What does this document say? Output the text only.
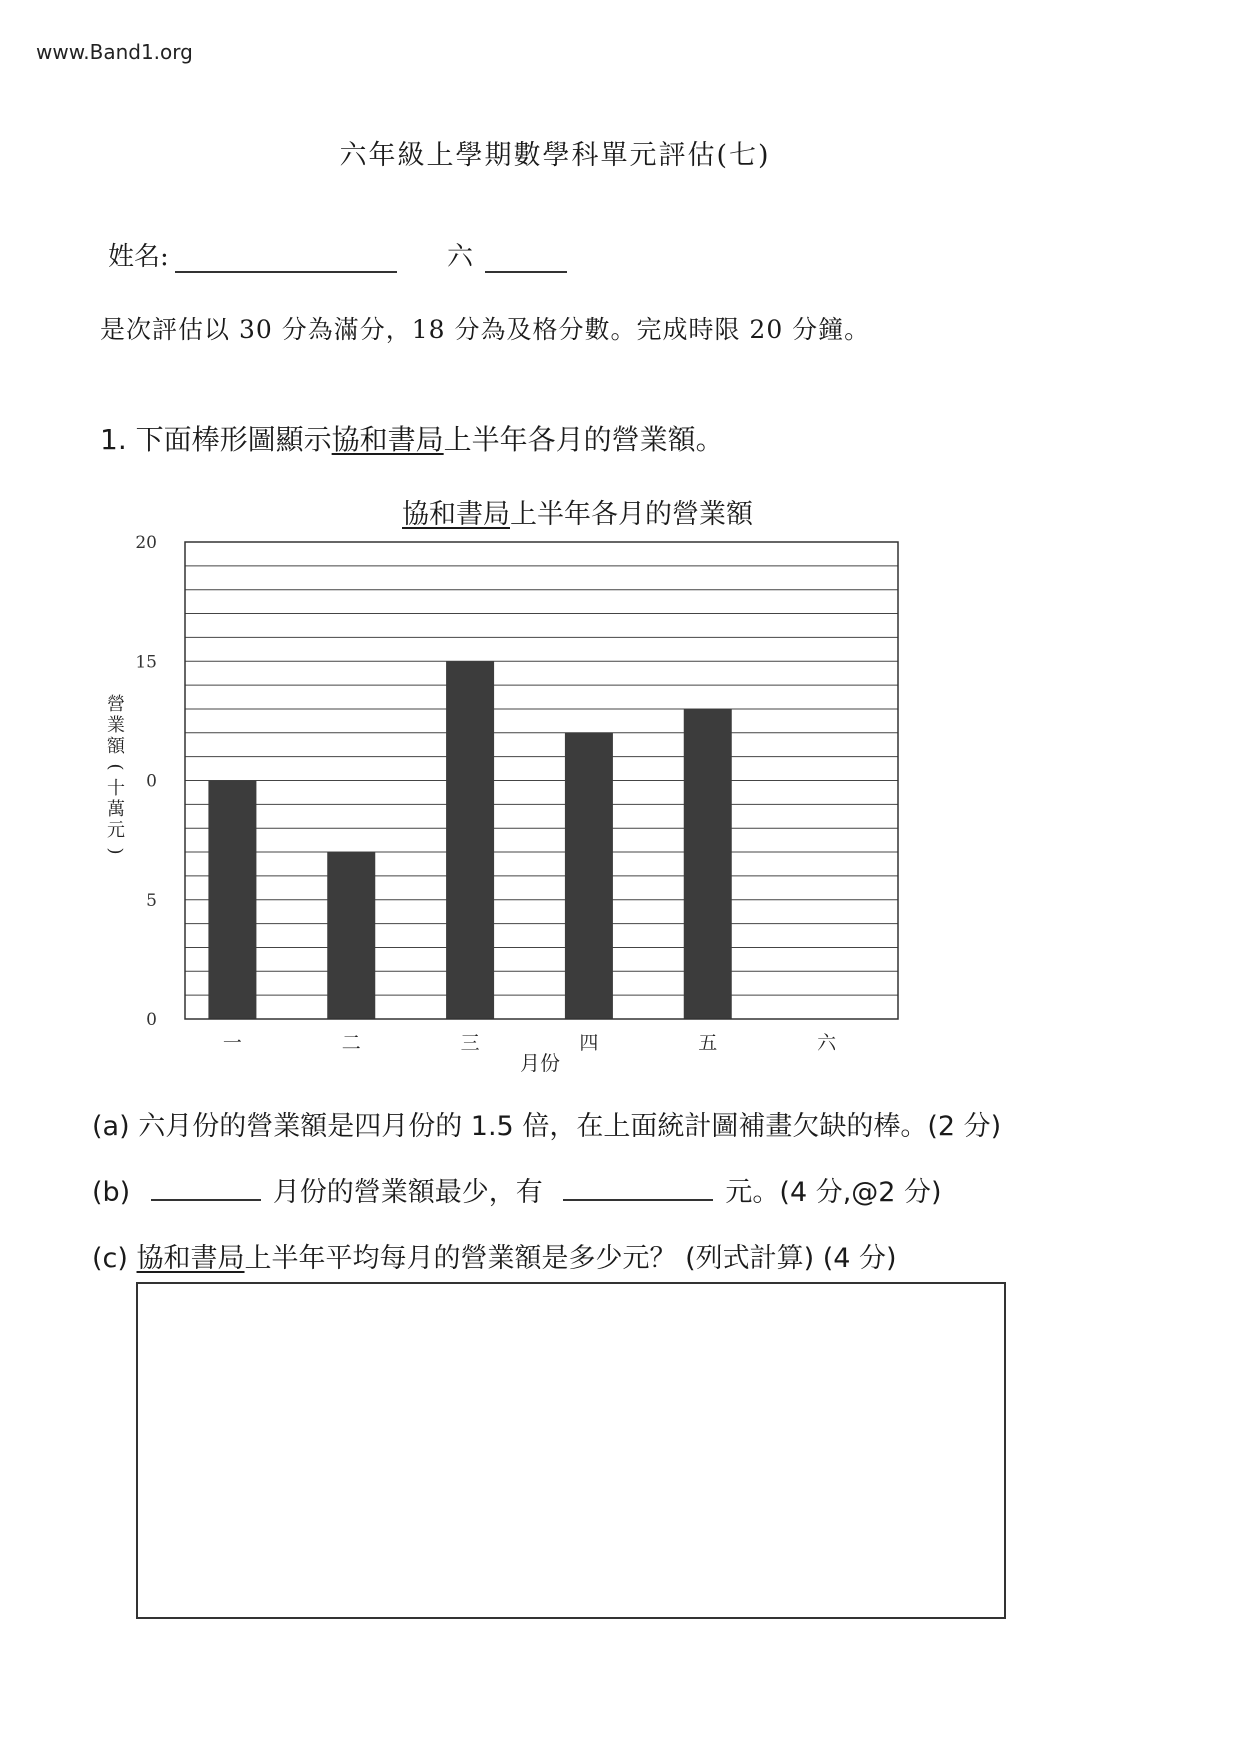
www.Band1.org
六年級上學期數學科單元評估(七)
姓名:	六
是次評估以 30 分為滿分，18 分為及格分數。完成時限 20 分鐘。
1. 下面棒形圖顯示協和書局上半年各月的營業額。
協和書局上半年各月的營業額
0
5
0
15
20
一	二	三	四	五	六
營
業
額
(
十
萬
元
)
月份
(a) 六月份的營業額是四月份的 1.5 倍，在上面統計圖補畫欠缺的棒。(2 分)
(b)	月份的營業額最少，有	元。(4 分,@2 分)
(c) 協和書局上半年平均每月的營業額是多少元？ (列式計算) (4 分)
